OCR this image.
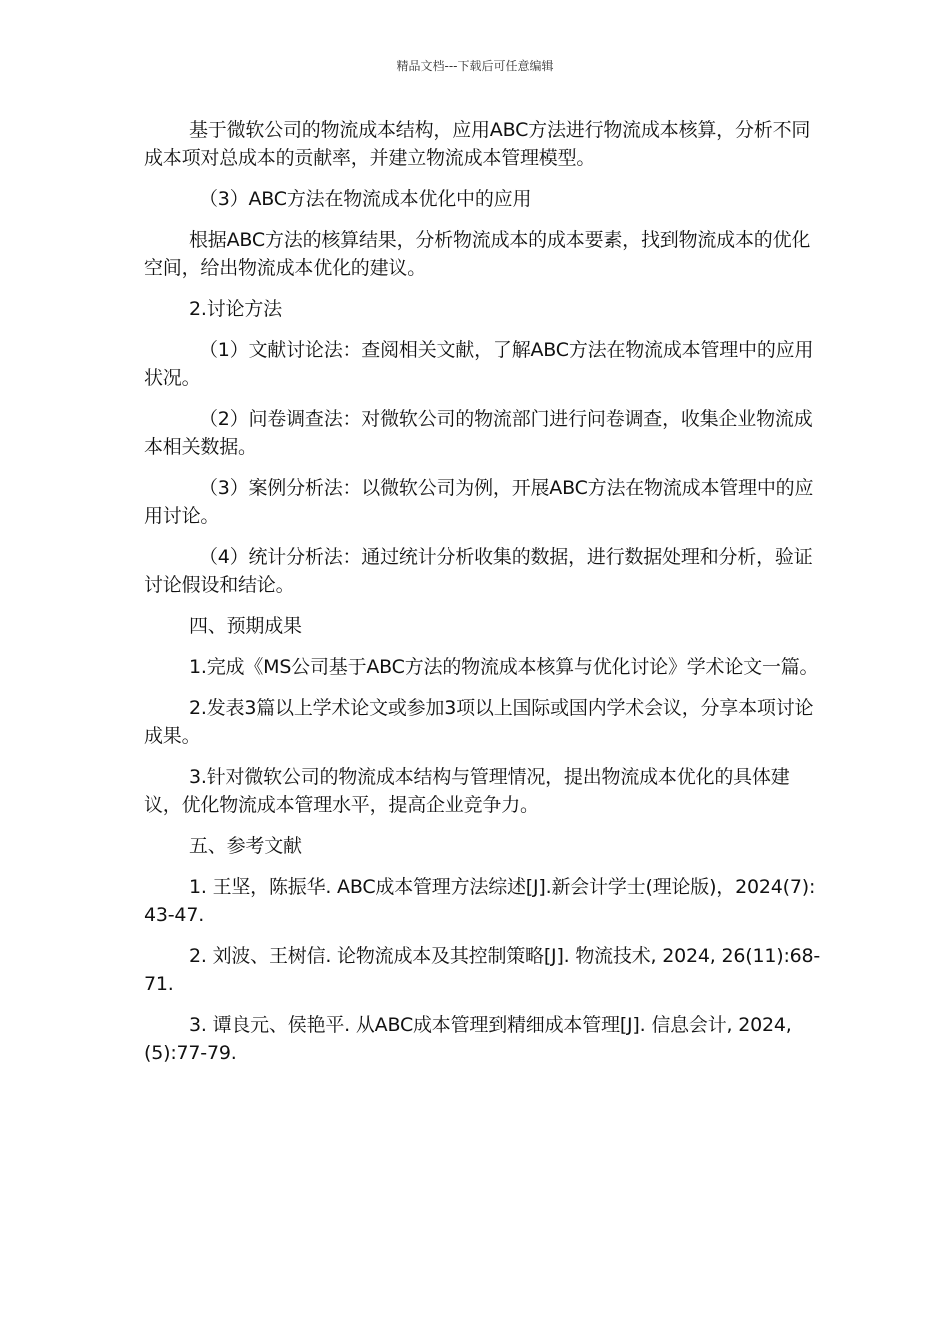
精品文档---下载后可任意编辑

基于微软公司的物流成本结构，应用ABC方法进行物流成本核算，分析不同成本项对总成本的贡献率，并建立物流成本管理模型。

（3）ABC方法在物流成本优化中的应用

根据ABC方法的核算结果，分析物流成本的成本要素，找到物流成本的优化空间，给出物流成本优化的建议。

2.讨论方法

（1）文献讨论法：查阅相关文献，了解ABC方法在物流成本管理中的应用状况。

（2）问卷调查法：对微软公司的物流部门进行问卷调查，收集企业物流成本相关数据。

（3）案例分析法：以微软公司为例，开展ABC方法在物流成本管理中的应用讨论。

（4）统计分析法：通过统计分析收集的数据，进行数据处理和分析，验证讨论假设和结论。

四、预期成果

1.完成《MS公司基于ABC方法的物流成本核算与优化讨论》学术论文一篇。

2.发表3篇以上学术论文或参加3项以上国际或国内学术会议，分享本项讨论成果。

3.针对微软公司的物流成本结构与管理情况，提出物流成本优化的具体建议，优化物流成本管理水平，提高企业竞争力。

五、参考文献

1. 王坚，陈振华. ABC成本管理方法综述[J].新会计学士(理论版)，2024(7):43-47.

2. 刘波、王树信. 论物流成本及其控制策略[J]. 物流技术, 2024, 26(11):68-71.

3. 谭良元、侯艳平. 从ABC成本管理到精细成本管理[J]. 信息会计, 2024, (5):77-79.
